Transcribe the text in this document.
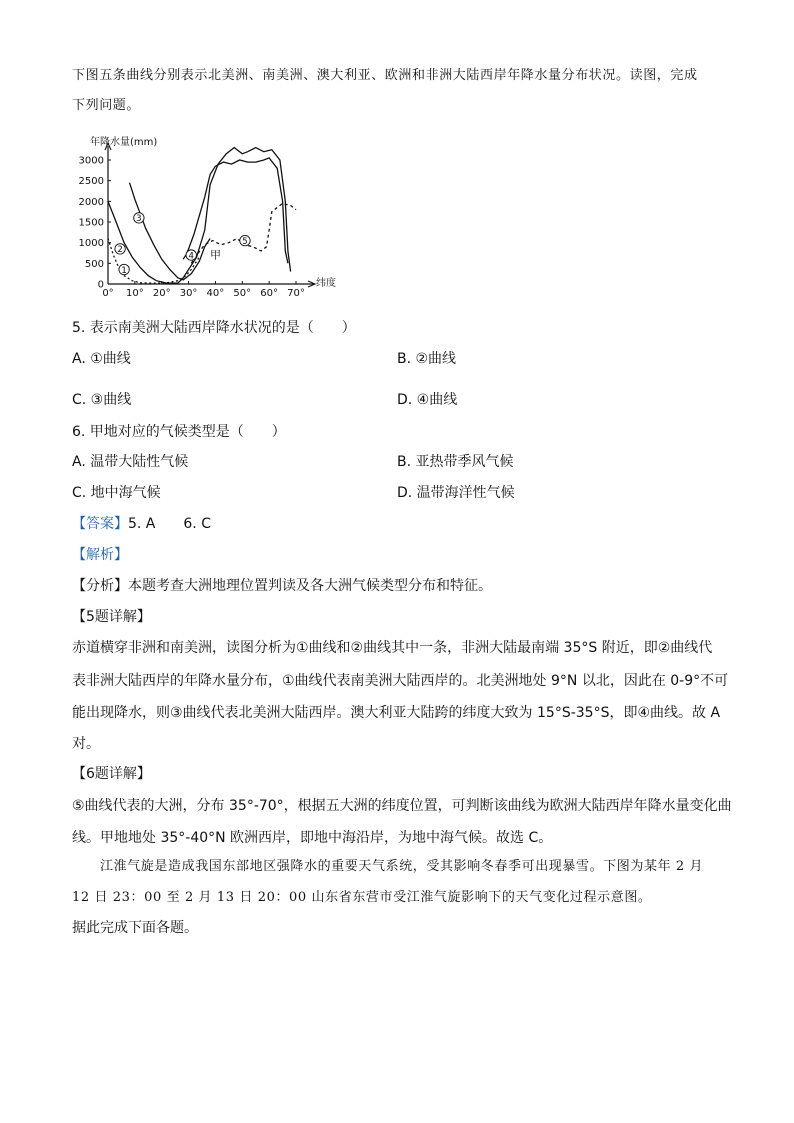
下图五条曲线分别表示北美洲、南美洲、澳大利亚、欧洲和非洲大陆西岸年降水量分布状况。读图，完成
下列问题。
年降水量(mm)
纬度
0
500
1000
1500
2000
2500
3000
0° 10° 20° 30° 40° 50° 60° 70°
1
2
3
4
5
甲
5. 表示南美洲大陆西岸降水状况的是（　　）
A. ①曲线	B. ②曲线
C. ③曲线	D. ④曲线
6. 甲地对应的气候类型是（　　）
A. 温带大陆性气候	B. 亚热带季风气候
C. 地中海气候	D. 温带海洋性气候
【答案】5. A　　6. C
【解析】
【分析】本题考查大洲地理位置判读及各大洲气候类型分布和特征。
【5题详解】
赤道横穿非洲和南美洲，读图分析为①曲线和②曲线其中一条，非洲大陆最南端 35°S 附近，即②曲线代
表非洲大陆西岸的年降水量分布，①曲线代表南美洲大陆西岸的。北美洲地处 9°N 以北，因此在 0-9°不可
能出现降水，则③曲线代表北美洲大陆西岸。澳大利亚大陆跨的纬度大致为 15°S-35°S，即④曲线。故 A
对。
【6题详解】
⑤曲线代表的大洲，分布 35°-70°，根据五大洲的纬度位置，可判断该曲线为欧洲大陆西岸年降水量变化曲
线。甲地地处 35°-40°N 欧洲西岸，即地中海沿岸，为地中海气候。故选 C。
江淮气旋是造成我国东部地区强降水的重要天气系统，受其影响冬春季可出现暴雪。下图为某年 2 月
12 日 23：00 至 2 月 13 日 20：00 山东省东营市受江淮气旋影响下的天气变化过程示意图。
据此完成下面各题。
